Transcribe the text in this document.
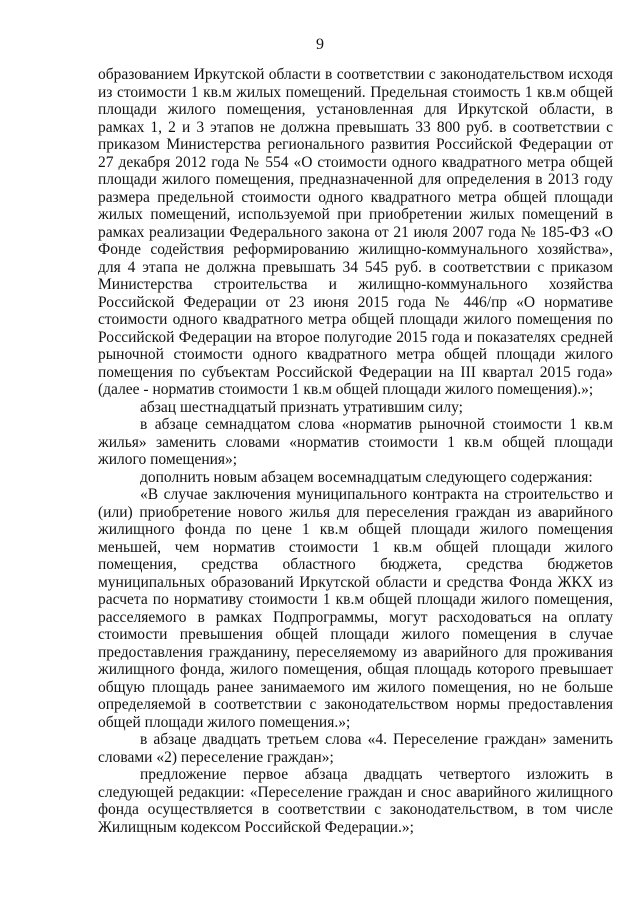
9

образованием Иркутской области в соответствии с законодательством исходя из стоимости 1 кв.м жилых помещений. Предельная стоимость 1 кв.м общей площади жилого помещения, установленная для Иркутской области, в рамках 1, 2 и 3 этапов не должна превышать 33 800 руб. в соответствии с приказом Министерства регионального развития Российской Федерации от 27 декабря 2012 года № 554 «О стоимости одного квадратного метра общей площади жилого помещения, предназначенной для определения в 2013 году размера предельной стоимости одного квадратного метра общей площади жилых помещений, используемой при приобретении жилых помещений в рамках реализации Федерального закона от 21 июля 2007 года № 185-ФЗ «О Фонде содействия реформированию жилищно-коммунального хозяйства», для 4 этапа не должна превышать 34 545 руб. в соответствии с приказом Министерства строительства и жилищно-коммунального хозяйства Российской Федерации от 23 июня 2015 года № 446/пр «О нормативе стоимости одного квадратного метра общей площади жилого помещения по Российской Федерации на второе полугодие 2015 года и показателях средней рыночной стоимости одного квадратного метра общей площади жилого помещения по субъектам Российской Федерации на III квартал 2015 года» (далее - норматив стоимости 1 кв.м общей площади жилого помещения).»;

абзац шестнадцатый признать утратившим силу;

в абзаце семнадцатом слова «норматив рыночной стоимости 1 кв.м жилья» заменить словами «норматив стоимости 1 кв.м общей площади жилого помещения»;

дополнить новым абзацем восемнадцатым следующего содержания:

«В случае заключения муниципального контракта на строительство и (или) приобретение нового жилья для переселения граждан из аварийного жилищного фонда по цене 1 кв.м общей площади жилого помещения меньшей, чем норматив стоимости 1 кв.м общей площади жилого помещения, средства областного бюджета, средства бюджетов муниципальных образований Иркутской области и средства Фонда ЖКХ из расчета по нормативу стоимости 1 кв.м общей площади жилого помещения, расселяемого в рамках Подпрограммы, могут расходоваться на оплату стоимости превышения общей площади жилого помещения в случае предоставления гражданину, переселяемому из аварийного для проживания жилищного фонда, жилого помещения, общая площадь которого превышает общую площадь ранее занимаемого им жилого помещения, но не больше определяемой в соответствии с законодательством нормы предоставления общей площади жилого помещения.»;

в абзаце двадцать третьем слова «4. Переселение граждан» заменить словами «2) переселение граждан»;

предложение первое абзаца двадцать четвертого изложить в следующей редакции: «Переселение граждан и снос аварийного жилищного фонда осуществляется в соответствии с законодательством, в том числе Жилищным кодексом Российской Федерации.»;
